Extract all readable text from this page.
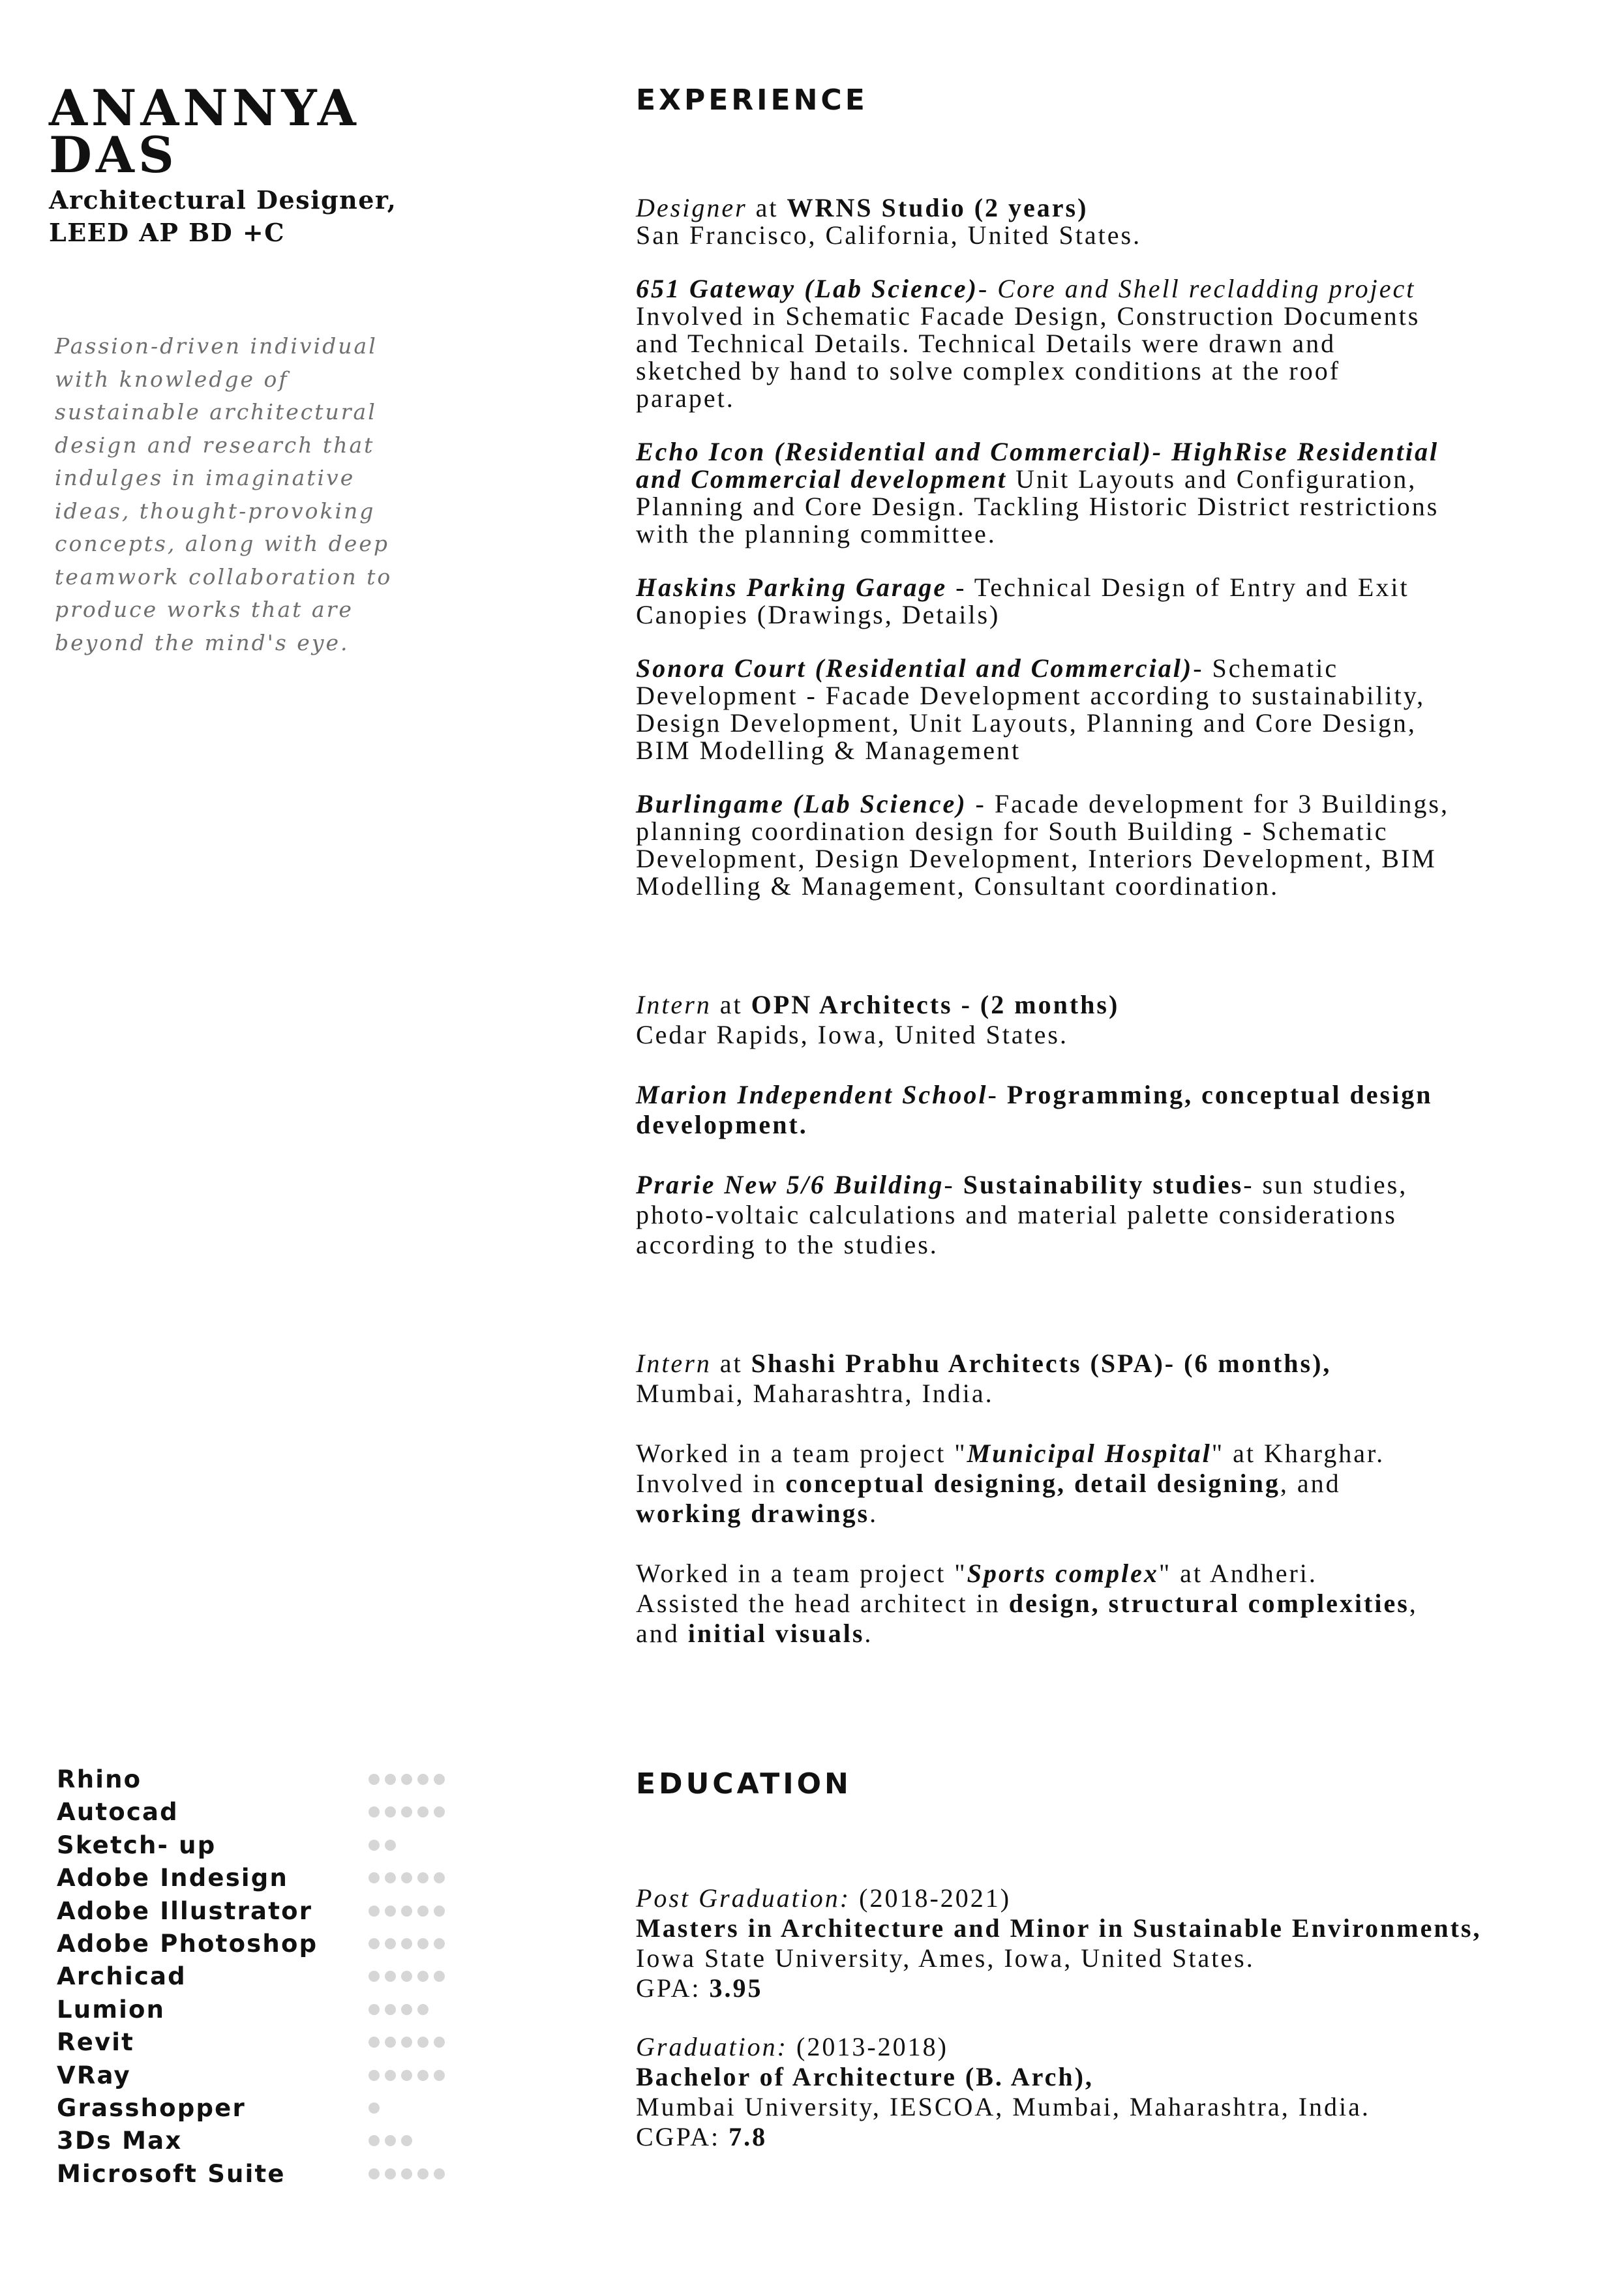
ANANNYA
DAS
Architectural Designer,
LEED AP BD +C
Passion-driven individual with knowledge of sustainable architectural design and research that indulges in imaginative ideas, thought-provoking concepts, along with deep teamwork collaboration to produce works that are beyond the mind's eye.
Rhino
Autocad
Sketch- up
Adobe Indesign
Adobe Illustrator
Adobe Photoshop
Archicad
Lumion
Revit
VRay
Grasshopper
3Ds Max
Microsoft Suite
EXPERIENCE

Designer at WRNS Studio (2 years)

San Francisco, California, United States.

651 Gateway (Lab Science)- Core and Shell recladding project

Involved in Schematic Facade Design, Construction Documents

and Technical Details. Technical Details were drawn and

sketched by hand to solve complex conditions at the roof

parapet.

Echo Icon (Residential and Commercial)- HighRise Residential

and Commercial development Unit Layouts and Configuration,

Planning and Core Design. Tackling Historic District restrictions

with the planning committee.

Haskins Parking Garage - Technical Design of Entry and Exit

Canopies (Drawings, Details)

Sonora Court (Residential and Commercial)- Schematic

Development - Facade Development according to sustainability,

Design Development, Unit Layouts, Planning and Core Design,

BIM Modelling & Management

Burlingame (Lab Science) - Facade development for 3 Buildings,

planning coordination design for South Building - Schematic

Development, Design Development, Interiors Development, BIM

Modelling & Management, Consultant coordination.

Intern at OPN Architects - (2 months)

Cedar Rapids, Iowa, United States.

Marion Independent School- Programming, conceptual design

development.

Prarie New 5/6 Building- Sustainability studies- sun studies,

photo-voltaic calculations and material palette considerations

according to the studies.

Intern at Shashi Prabhu Architects (SPA)- (6 months),

Mumbai, Maharashtra, India.

Worked in a team project "Municipal Hospital" at Kharghar.

Involved in conceptual designing, detail designing, and

working drawings.

Worked in a team project "Sports complex" at Andheri.

Assisted the head architect in design, structural complexities,

and initial visuals.

EDUCATION

Post Graduation: (2018-2021)

Masters in Architecture and Minor in Sustainable Environments,

Iowa State University, Ames, Iowa, United States.

GPA: 3.95

Graduation: (2013-2018)

Bachelor of Architecture (B. Arch),

Mumbai University, IESCOA, Mumbai, Maharashtra, India.

CGPA: 7.8
